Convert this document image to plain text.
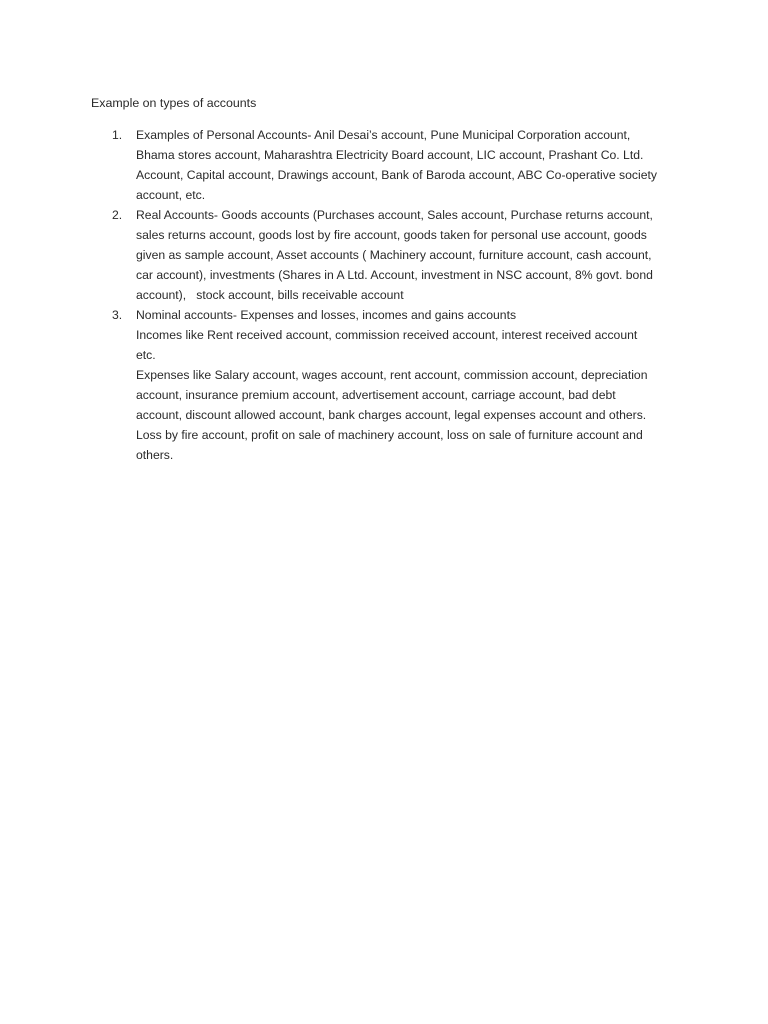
Example on types of accounts
1.	Examples of Personal Accounts- Anil Desai’s account, Pune Municipal Corporation account,
Bhama stores account, Maharashtra Electricity Board account, LIC account, Prashant Co. Ltd.
Account, Capital account, Drawings account, Bank of Baroda account, ABC Co-operative society
account, etc.
2.	Real Accounts- Goods accounts (Purchases account, Sales account, Purchase returns account,
sales returns account, goods lost by fire account, goods taken for personal use account, goods
given as sample account, Asset accounts ( Machinery account, furniture account, cash account,
car account), investments (Shares in A Ltd. Account, investment in NSC account, 8% govt. bond
account),   stock account, bills receivable account
3.	Nominal accounts- Expenses and losses, incomes and gains accounts
Incomes like Rent received account, commission received account, interest received account
etc.
Expenses like Salary account, wages account, rent account, commission account, depreciation
account, insurance premium account, advertisement account, carriage account, bad debt
account, discount allowed account, bank charges account, legal expenses account and others.
Loss by fire account, profit on sale of machinery account, loss on sale of furniture account and
others.
